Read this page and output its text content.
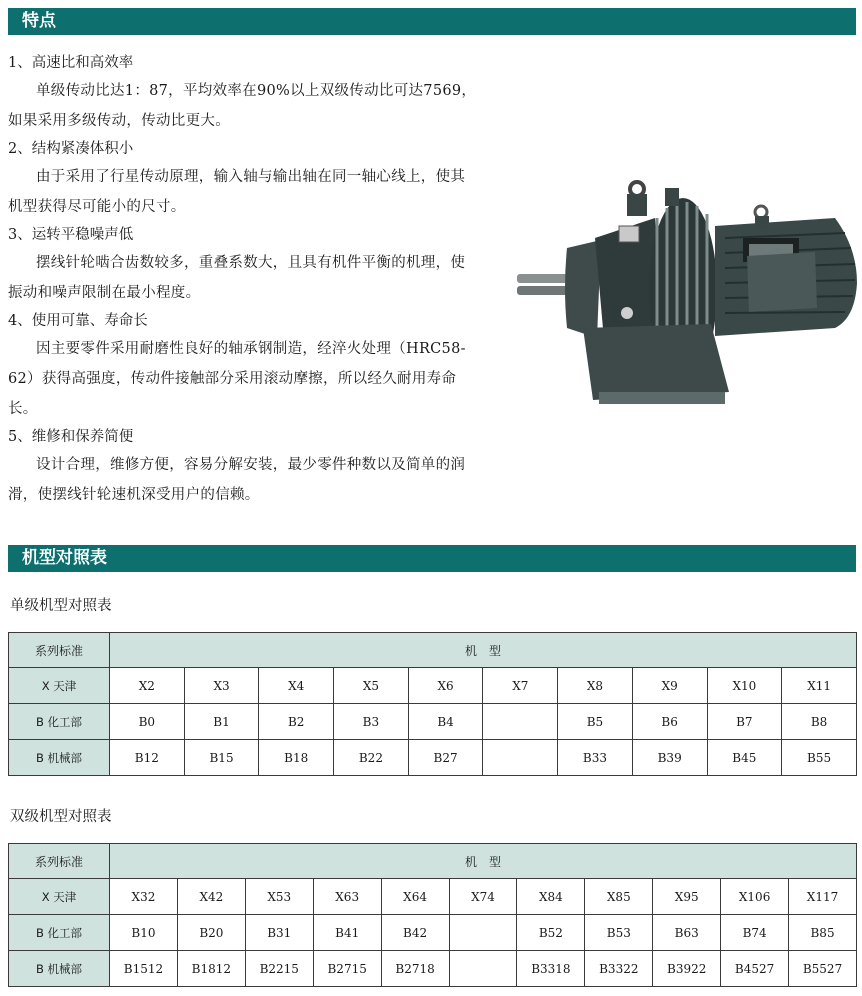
特点
1、高速比和高效率

单级传动比达1：87，平均效率在90%以上双级传动比可达7569，如果采用多级传动，传动比更大。

2、结构紧凑体积小

由于采用了行星传动原理，输入轴与输出轴在同一轴心线上，使其机型获得尽可能小的尺寸。

3、运转平稳噪声低

摆线针轮啮合齿数较多，重叠系数大，且具有机件平衡的机理，使振动和噪声限制在最小程度。

4、使用可靠、寿命长

因主要零件采用耐磨性良好的轴承钢制造，经淬火处理（HRC58-62）获得高强度，传动件接触部分采用滚动摩擦，所以经久耐用寿命长。

5、维修和保养简便

设计合理，维修方便，容易分解安装，最少零件种数以及简单的润滑，使摆线针轮速机深受用户的信赖。

机型对照表
单级机型对照表
系列标准	机　型									
X 天津	X2	X3	X4	X5	X6	X7	X8	X9	X10	X11
B 化工部	B0	B1	B2	B3	B4		B5	B6	B7	B8
B 机械部	B12	B15	B18	B22	B27		B33	B39	B45	B55
双级机型对照表
系列标准	机　型										
X 天津	X32	X42	X53	X63	X64	X74	X84	X85	X95	X106	X117
B 化工部	B10	B20	B31	B41	B42		B52	B53	B63	B74	B85
B 机械部	B1512	B1812	B2215	B2715	B2718		B3318	B3322	B3922	B4527	B5527
